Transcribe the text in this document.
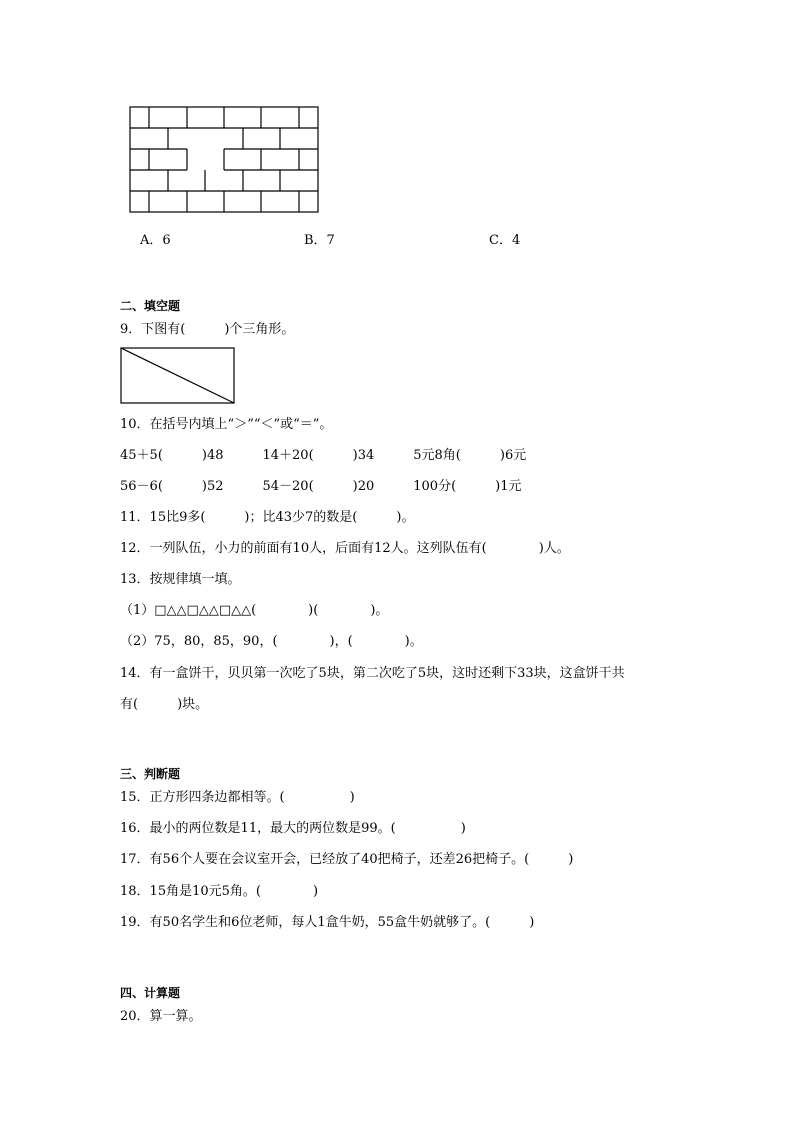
A．6	B．7	C．4
二、填空题
9．下图有(　　　)个三角形。
10．在括号内填上“＞”“＜”或“＝”。
45＋5(　　　)48　　　14＋20(　　　)34　　　5元8角(　　　)6元
56－6(　　　)52　　　54－20(　　　)20　　　100分(　　　)1元
11．15比9多(　　　)；比43少7的数是(　　　)。
12．一列队伍，小力的前面有10人，后面有12人。这列队伍有(　　　　)人。
13．按规律填一填。
（1）□△△□△△□△△(　　　　)(　　　　)。
（2）75，80，85，90，(　　　　)，(　　　　)。
14．有一盒饼干，贝贝第一次吃了5块，第二次吃了5块，这时还剩下33块，这盒饼干共
有(　　　)块。
三、判断题
15．正方形四条边都相等。(　　　　　)
16．最小的两位数是11，最大的两位数是99。(　　　　　)
17．有56个人要在会议室开会，已经放了40把椅子，还差26把椅子。(　　　)
18．15角是10元5角。(　　　　)
19．有50名学生和6位老师，每人1盒牛奶，55盒牛奶就够了。(　　　)
四、计算题
20．算一算。
